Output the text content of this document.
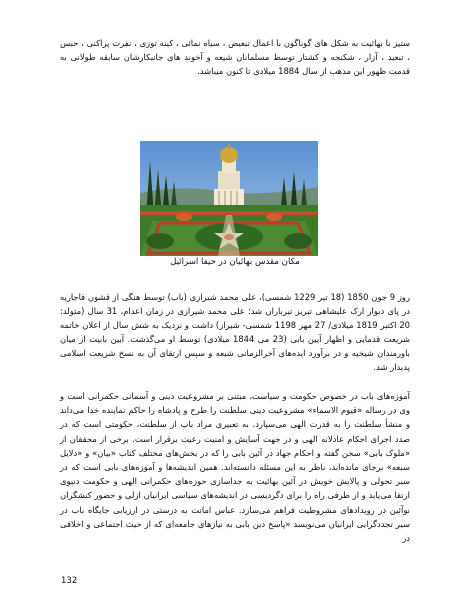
ستیز با بهائیت به شکل های گوناگون با اعمال تبعیض ، سیاه نمائی ، کینه توزی ، نفرت پراکنی ، حبس ، تبعید ، آزار ، شکنجه و کشتار توسط مسلمانان شیعه و آخوند های جانبکارشان سابقه طولانی به قدمت ظهور این مذهب از سال 1884 میلادی تا کنون میباشد.

مکان مقدس بهائیان در حیفا اسرائیل

روز 9 جون 1850 (18 تیر 1229 شمسی)، علی محمد شیرازی (باب) توسط هنگی از قشون قاجاریه در پای دیوار ارک علیشاهی تبریز تیرباران شد؛ علی محمد شیرازی در زمان اعدام، 31 سال (متولد: 20 اکتبر 1819 میلادی/ 27 مهر 1198 شمسی- شیراز) داشت و نزدیک به شش سال از اعلان خاتمه شریعت قدمایی و اظهار آیین بابی (23 می 1844 میلادی) توسط او می‌گذشت. آیین بابیت از میان باورمندان شیخیه و در برآورد ایده‌های آخرالزمانی شیعه و سپس ارتقای آن به نسخ شریعت اسلامی پدیدار شد.

آموزه‌های باب در خصوص حکومت و سیاست، مبتنی بر مشروعیت دینی و آسمانی حکمرانی است و وی در رساله «قیوم الاسماء» مشروعیت دینی سلطنت را طرح و پادشاه را حاکم نماینده خدا می‌داند و منشأ سلطنت را به قدرت الهی می‌سپارد. به تعبیری مراد باب از سلطنت، حکومتی است که در صدد اجرای احکام عادلانه الهی و در جهت آسایش و امنیت رعیت برقرار است. برخی از محققان از «ملوک بابی» سخن گفته و احکام جهاد در آئین بابی را که در بخش‌های مختلف کتاب «بیان» و «دلایل سبعه» برجای مانده‌اند، ناظر به این مسئله دانسته‌اند. همین اندیشه‌ها و آموزه‌های بابی است که در سیر تحولی و پالایش خویش در آئین بهائیت به جداسازی حوزه‌های حکمرانی الهی و حکومت دنیوی ارتقا می‌یابد و از طرفی راه را برای دگردیسی در اندیشه‌های سیاسی ایرانیان ازلی و حضور کنشگران نوآئین در رویدادهای مشروطیت فراهم می‌سازد. عباس اماتت به درستی در ارزیابی جایگاه باب در سیر تجددگرایی ایرانیان می‌نویسد «پاسخ دین بابی به نیازهای جامعه‌ای که از حیث اجتماعی و اخلاقی در

132
